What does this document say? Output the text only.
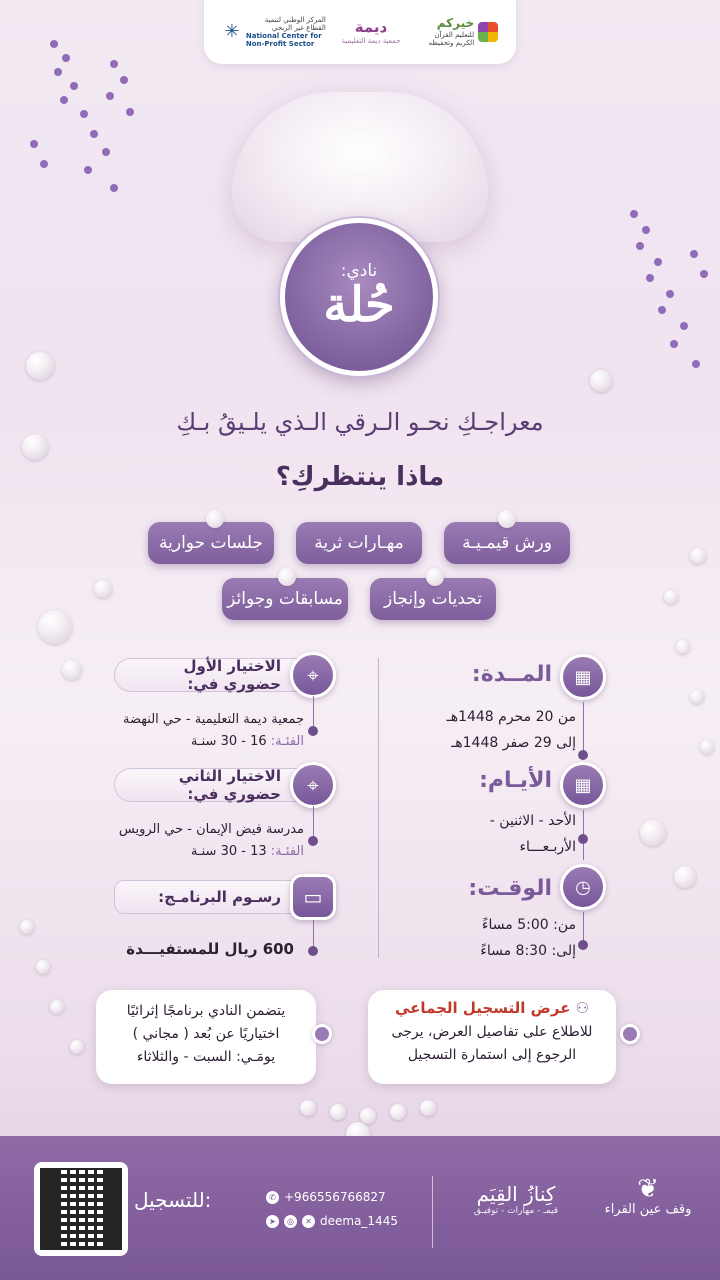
خيركم
للتعليم القرآن الكريم وتحفيظه
ديمة
جمعية ديمة التعليمية
المركز الوطني لتنمية القطاع غير الربحي
National Center for Non-Profit Sector
✳
نادي:
حُلة
معراجـكِ نحـو الـرقي الـذي يلـيقُ بـكِ
ماذا ينتظركِ؟
ورش قيمـيـة
مهـارات ثرية
جلسات حوارية
تحديات وإنجاز
مسابقات وجوائز
الاختيار الأول حضوري في:	⌖
جمعية ديمة التعليمية - حي النهضة
الفئـة: 16 - 30 سنـة
الاختيار الثاني حضوري في:	⌖
مدرسة فيض الإيمان - حي الرويس
الفئـة: 13 - 30 سنـة
رسـوم البرنامـج:	▭
600 ريال للمستفيـــدة
▦
المــدة:
من 20 محرم 1448هـ
إلى 29 صفر 1448هـ
▦
الأيـام:
الأحد - الاثنين -
الأربـعـــاء
◷
الوقـت:
من: 5:00 مساءً
إلى: 8:30 مساءً
⚇ عرض التسجيل الجماعي
للاطلاع على تفاصيل العرض، يرجى
الرجوع إلى استمارة التسجيل
يتضمن النادي برنامجًا إثرائيًا
اختياريًا عن بُعد ( مجاني )
يومَـي: السبت - والثلاثاء
:للتسجيل	✆ +966556766827
➤	◎	✕ deema_1445
كِنازُ القِيَم
قيمـ - مهارات - توفيـق
❦
وقف عين القراء
